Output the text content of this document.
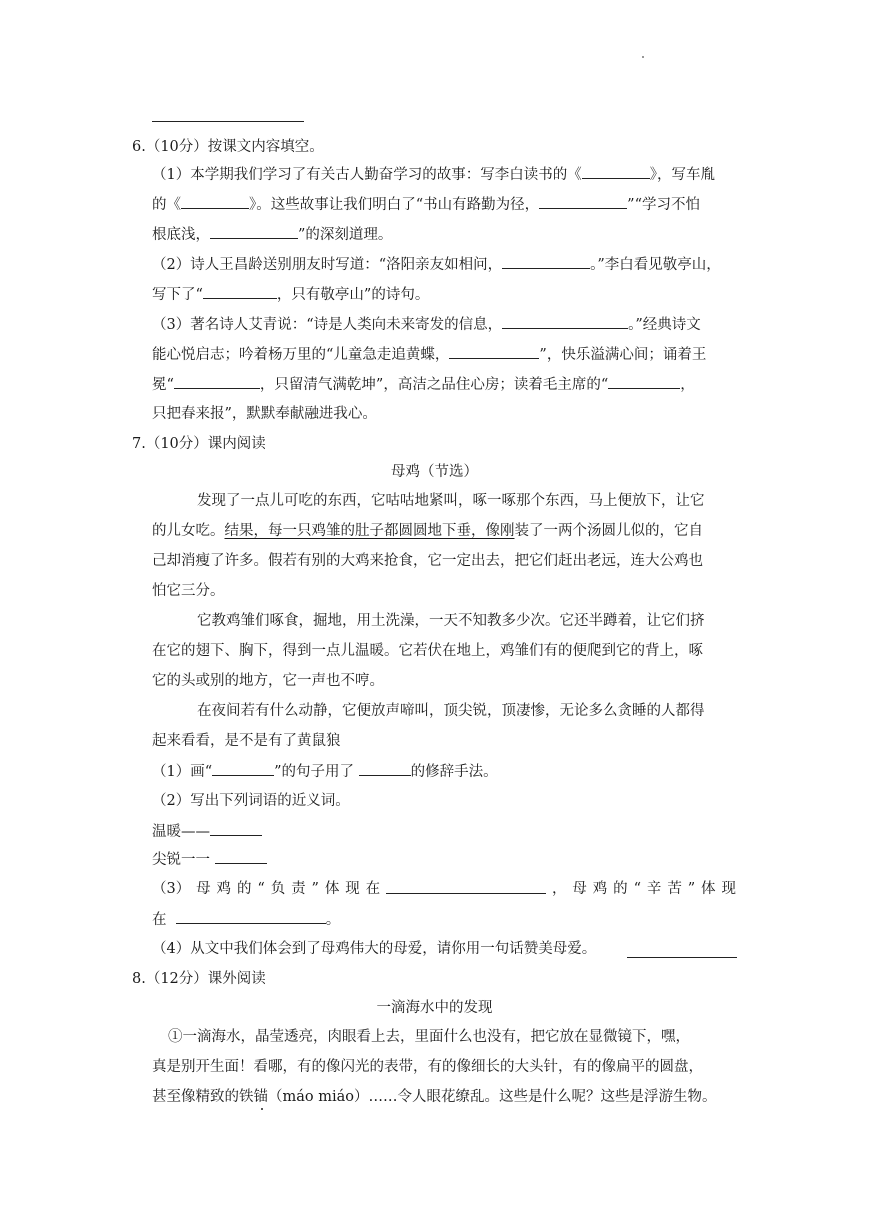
6.（10分）按课文内容填空。
（1）本学期我们学习了有关古人勤奋学习的故事：写李白读书的《	》，写车胤
的《	》。这些故事让我们明白了“书山有路勤为径，	”“学习不怕
根底浅，	”的深刻道理。
（2）诗人王昌龄送别朋友时写道：“洛阳亲友如相问，	。”李白看见敬亭山，
写下了“	，只有敬亭山”的诗句。
（3）著名诗人艾青说：“诗是人类向未来寄发的信息，	。”经典诗文
能心悦启志；吟着杨万里的“儿童急走追黄蝶，	”，快乐溢满心间；诵着王
冕“	，只留清气满乾坤”，高洁之品住心房；读着毛主席的“	，
只把春来报”，默默奉献融进我心。
7.（10分）课内阅读
母鸡（节选）
发现了一点儿可吃的东西，它咕咕地紧叫，啄一啄那个东西，马上便放下，让它
的儿女吃。结果，每一只鸡雏的肚子都圆圆地下垂，像刚装了一两个汤圆儿似的，它自
己却消瘦了许多。假若有别的大鸡来抢食，它一定出去，把它们赶出老远，连大公鸡也
怕它三分。
它教鸡雏们啄食，掘地，用土洗澡，一天不知教多少次。它还半蹲着，让它们挤
在它的翅下、胸下，得到一点儿温暖。它若伏在地上，鸡雏们有的便爬到它的背上，啄
它的头或别的地方，它一声也不哼。
在夜间若有什么动静，它便放声啼叫，顶尖锐，顶凄惨，无论多么贪睡的人都得
起来看看，是不是有了黄鼠狼
（1）画“	”的句子用了	的修辞手法。
（2）写出下列词语的近义词。
温暖——
尖锐一一
（3） 母 鸡 的 “ 负 责 ” 体 现 在	， 母 鸡 的 “ 辛 苦 ” 体 现
在	。
（4）从文中我们体会到了母鸡伟大的母爱，请你用一句话赞美母爱。
8.（12分）课外阅读
一滴海水中的发现
①一滴海水，晶莹透亮，肉眼看上去，里面什么也没有，把它放在显微镜下，嘿，
真是别开生面！看哪，有的像闪光的表带，有的像细长的大头针，有的像扁平的圆盘，
甚至像精致的铁锚（máo miáo）……令人眼花缭乱。这些是什么呢？这些是浮游生物。
